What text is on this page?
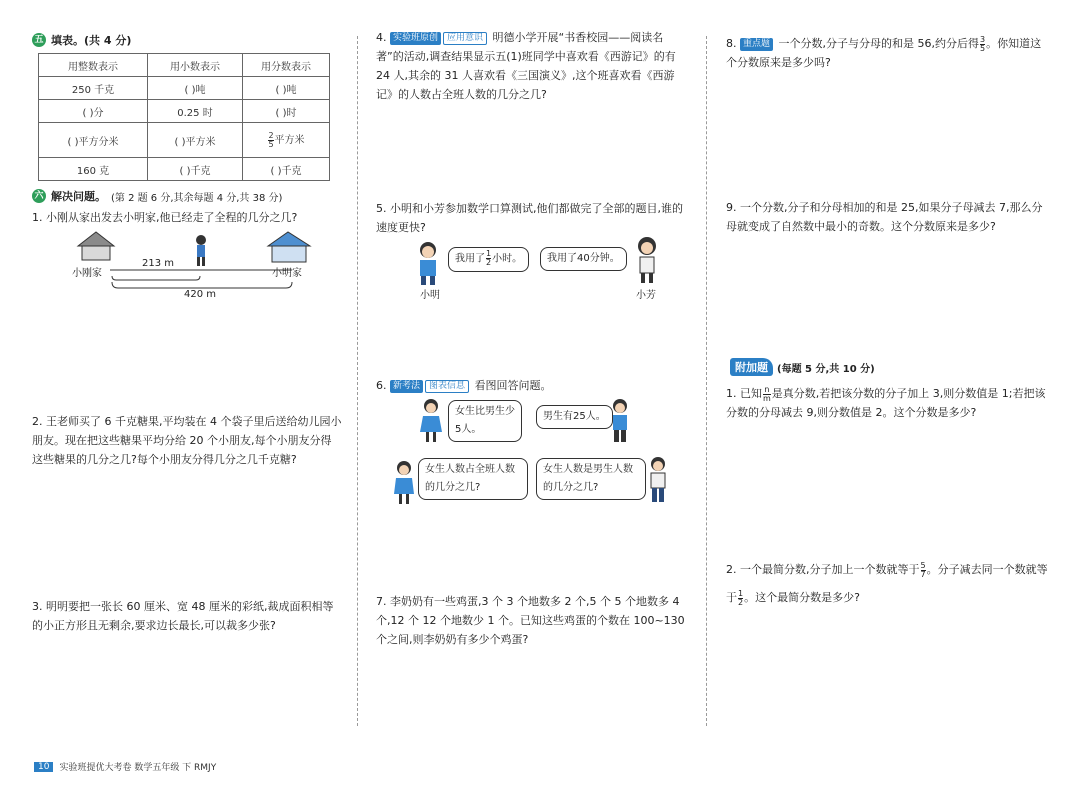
五 填表。(共 4 分)
用整数表示	用小数表示	用分数表示
250 千克	( )吨	( )吨
( )分	0.25 时	( )时
( )平方分米	( )平方米	$\frac{2}{5}$ 平方米
160 克	( )千克	( )千克
六 解决问题。 (第 2 题 6 分,其余每题 4 分,共 38 分)
1. 小刚从家出发去小明家,他已经走了全程的几分之几?
小刚家	小明家
213 m
420 m
2. 王老师买了 6 千克糖果,平均装在 4 个袋子里后送给幼儿园小朋友。现在把这些糖果平均分给 20 个小朋友,每个小朋友分得这些糖果的几分之几?每个小朋友分得几分之几千克糖?
3. 明明要把一张长 60 厘米、宽 48 厘米的彩纸,裁成面积相等的小正方形且无剩余,要求边长最长,可以裁多少张?
4. 实验班原创 应用意识 明德小学开展“书香校园——阅读名著”的活动,调查结果显示五(1)班同学中喜欢看《西游记》的有 24 人,其余的 31 人喜欢看《三国演义》,这个班喜欢看《西游记》的人数占全班人数的几分之几?
5. 小明和小芳参加数学口算测试,他们都做完了全部的题目,谁的速度更快?
我用了 $\frac{1}{2}$ 小时。	我用了40分钟。
小明	小芳
6. 新考法 图表信息 看图回答问题。
女生比男生少5人。
男生有25人。
女生人数占全班人数的几分之几?
女生人数是男生人数的几分之几?
7. 李奶奶有一些鸡蛋,3 个 3 个地数多 2 个,5 个 5 个地数多 4 个,12 个 12 个地数少 1 个。已知这些鸡蛋的个数在 100~130 个之间,则李奶奶有多少个鸡蛋?
8. 重点题 一个分数,分子与分母的和是 56,约分后得 $\frac{3}{5}$ 。你知道这个分数原来是多少吗?
9. 一个分数,分子和分母相加的和是 25,如果分子母减去 7,那么分母就变成了自然数中最小的奇数。这个分数原来是多少?
附加题 (每题 5 分,共 10 分)
1. 已知 $\frac{n}{m}$ 是真分数,若把该分数的分子加上 3,则分数值是 1;若把该分数的分母减去 9,则分数值是 2。这个分数是多少?
2. 一个最简分数,分子加上一个数就等于 $\frac{5}{7}$ 。分子减去同一个数就等于 $\frac{1}{2}$ 。这个最简分数是多少?
10	实验班提优大考卷 数学五年级 下 RMJY
